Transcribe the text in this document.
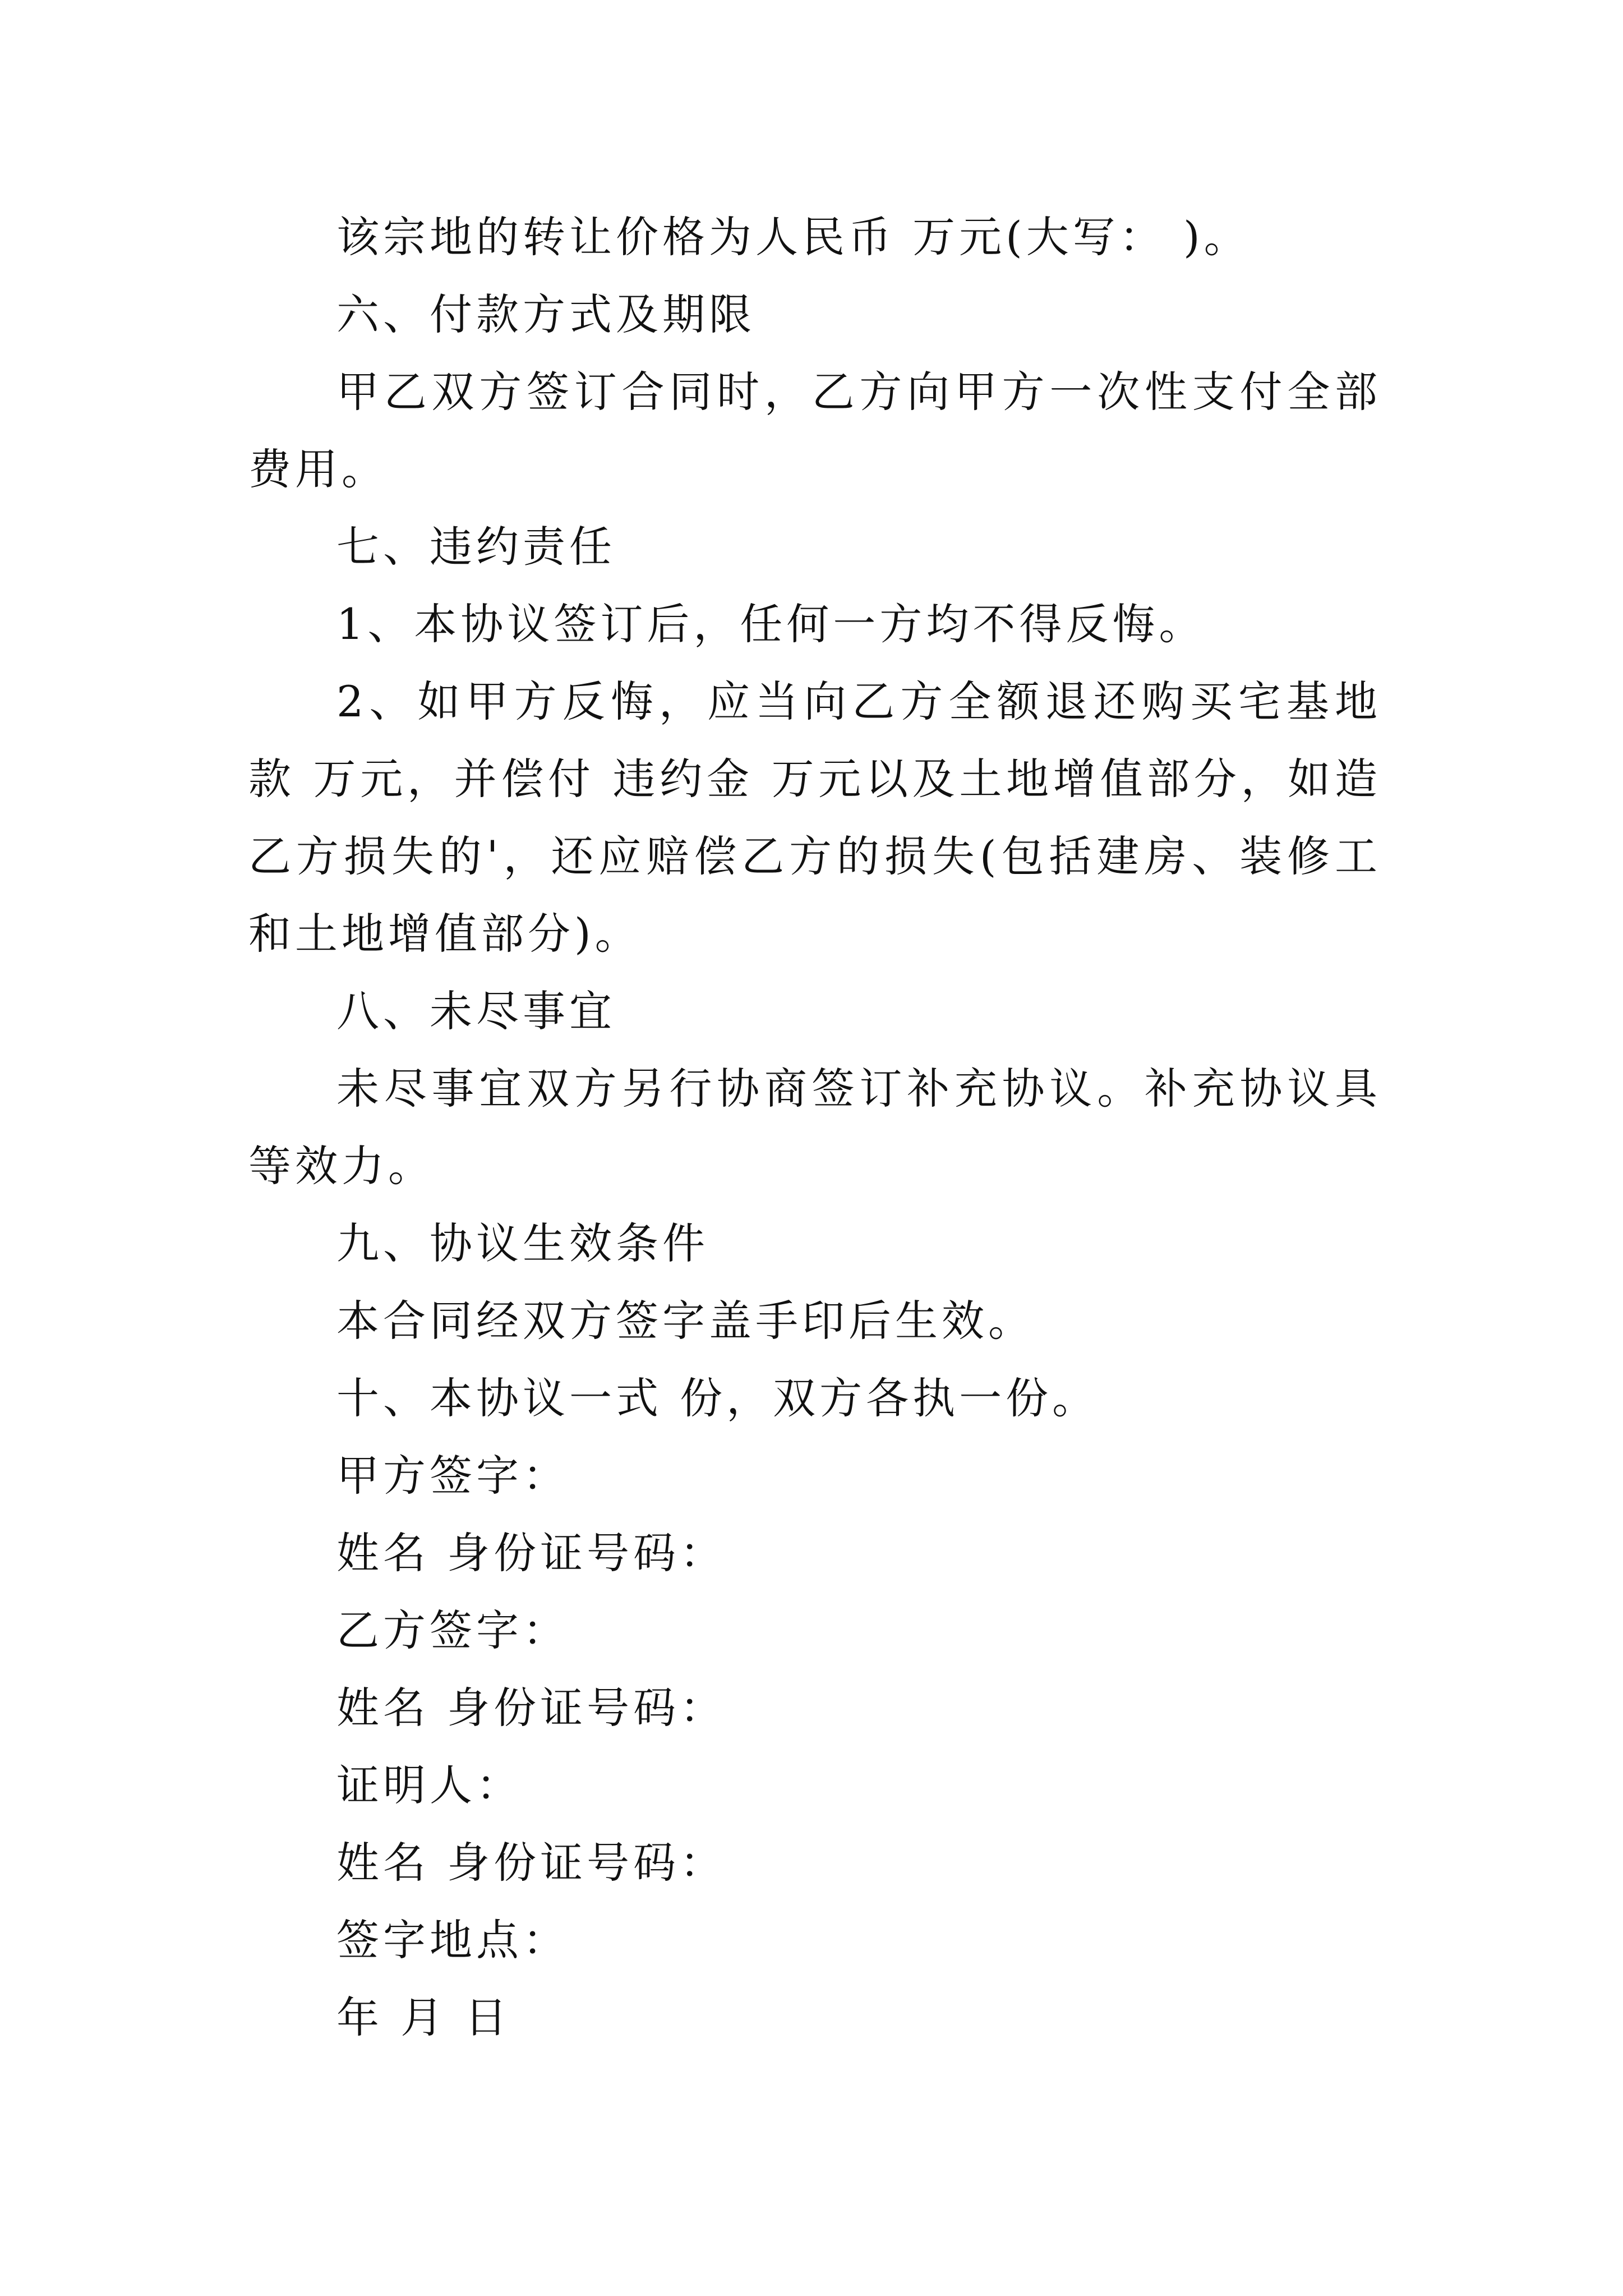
该宗地的转让价格为人民币 万元(大写： )。

六、付款方式及期限

甲乙双方签订合同时，乙方向甲方一次性支付全部

费用。

七、违约责任

1、本协议签订后，任何一方均不得反悔。

2、如甲方反悔，应当向乙方全额退还购买宅基地

款 万元，并偿付 违约金 万元以及土地增值部分，如造

乙方损失的'，还应赔偿乙方的损失(包括建房、装修工

和土地增值部分)。

八、未尽事宜

未尽事宜双方另行协商签订补充协议。补充协议具

等效力。

九、协议生效条件

本合同经双方签字盖手印后生效。

十、本协议一式 份，双方各执一份。

甲方签字：

姓名 身份证号码：

乙方签字：

姓名 身份证号码：

证明人：

姓名 身份证号码：

签字地点：

年 月 日
